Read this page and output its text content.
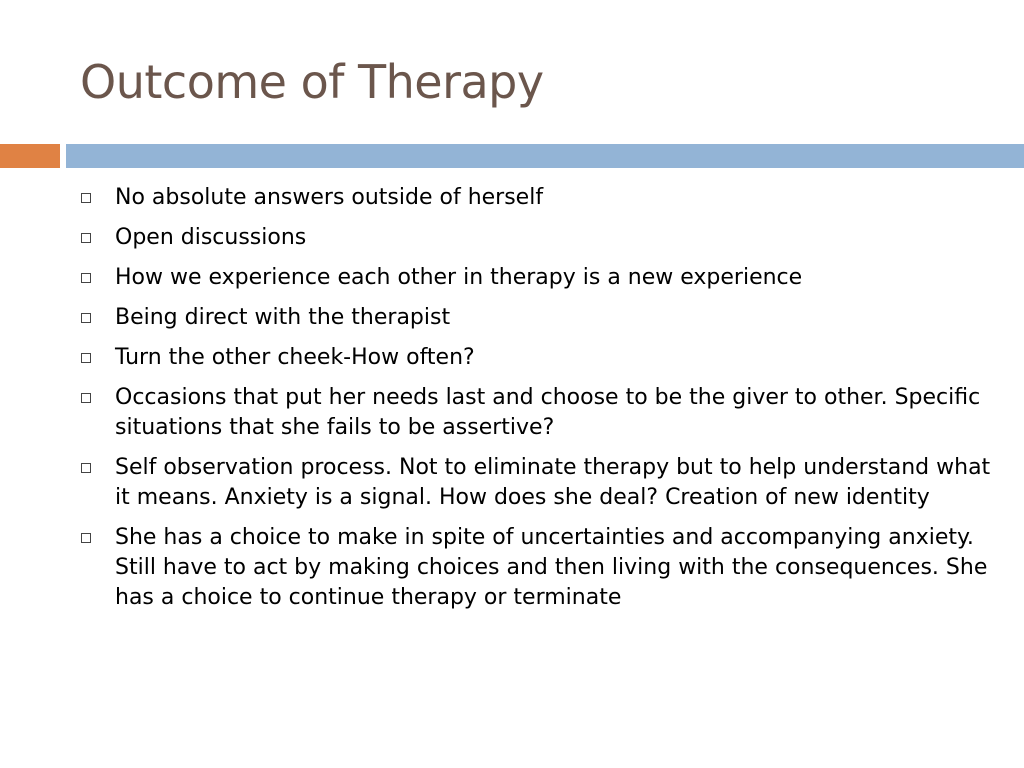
Outcome of Therapy
No absolute answers outside of herself
Open discussions
How we experience each other in therapy is a new experience
Being direct with the therapist
Turn the other cheek-How often?
Occasions that put her needs last and choose to be the giver to other. Specific situations that she fails to be assertive?
Self observation process. Not to eliminate therapy but to help understand what it means. Anxiety is a signal. How does she deal? Creation of new identity
She has a choice to make in spite of uncertainties and accompanying anxiety. Still have to act by making choices and then living with the consequences. She has a choice to continue therapy or terminate
